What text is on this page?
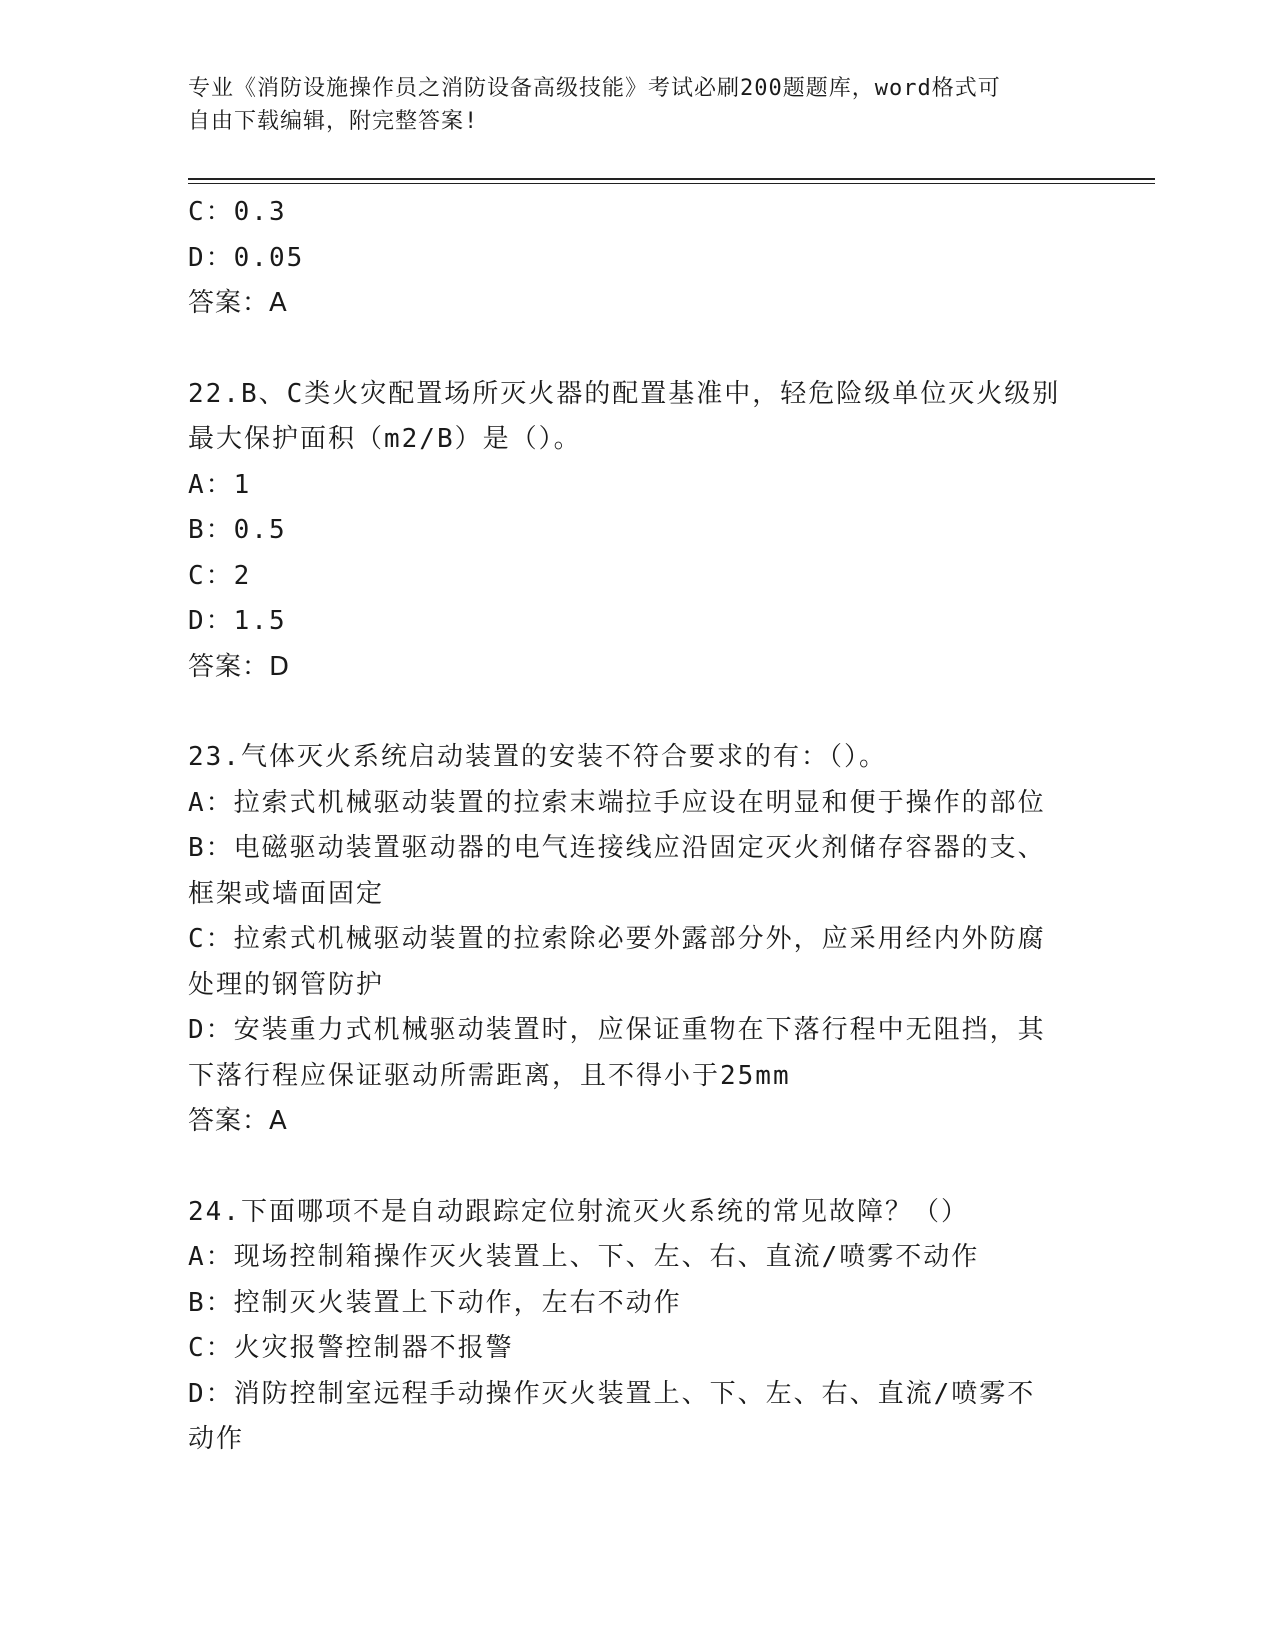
专业《消防设施操作员之消防设备高级技能》考试必刷200题题库，word格式可
自由下载编辑，附完整答案!
C：0.3
D：0.05
答案：A
22.B、C类火灾配置场所灭火器的配置基准中，轻危险级单位灭火级别
最大保护面积（m2/B）是（）。
A：1
B：0.5
C：2
D：1.5
答案：D
23.气体灭火系统启动装置的安装不符合要求的有：（）。
A：拉索式机械驱动装置的拉索末端拉手应设在明显和便于操作的部位
B：电磁驱动装置驱动器的电气连接线应沿固定灭火剂储存容器的支、
框架或墙面固定
C：拉索式机械驱动装置的拉索除必要外露部分外，应采用经内外防腐
处理的钢管防护
D：安装重力式机械驱动装置时，应保证重物在下落行程中无阻挡，其
下落行程应保证驱动所需距离，且不得小于25mm
答案：A
24.下面哪项不是自动跟踪定位射流灭火系统的常见故障？（）
A：现场控制箱操作灭火装置上、下、左、右、直流/喷雾不动作
B：控制灭火装置上下动作，左右不动作
C：火灾报警控制器不报警
D：消防控制室远程手动操作灭火装置上、下、左、右、直流/喷雾不
动作
